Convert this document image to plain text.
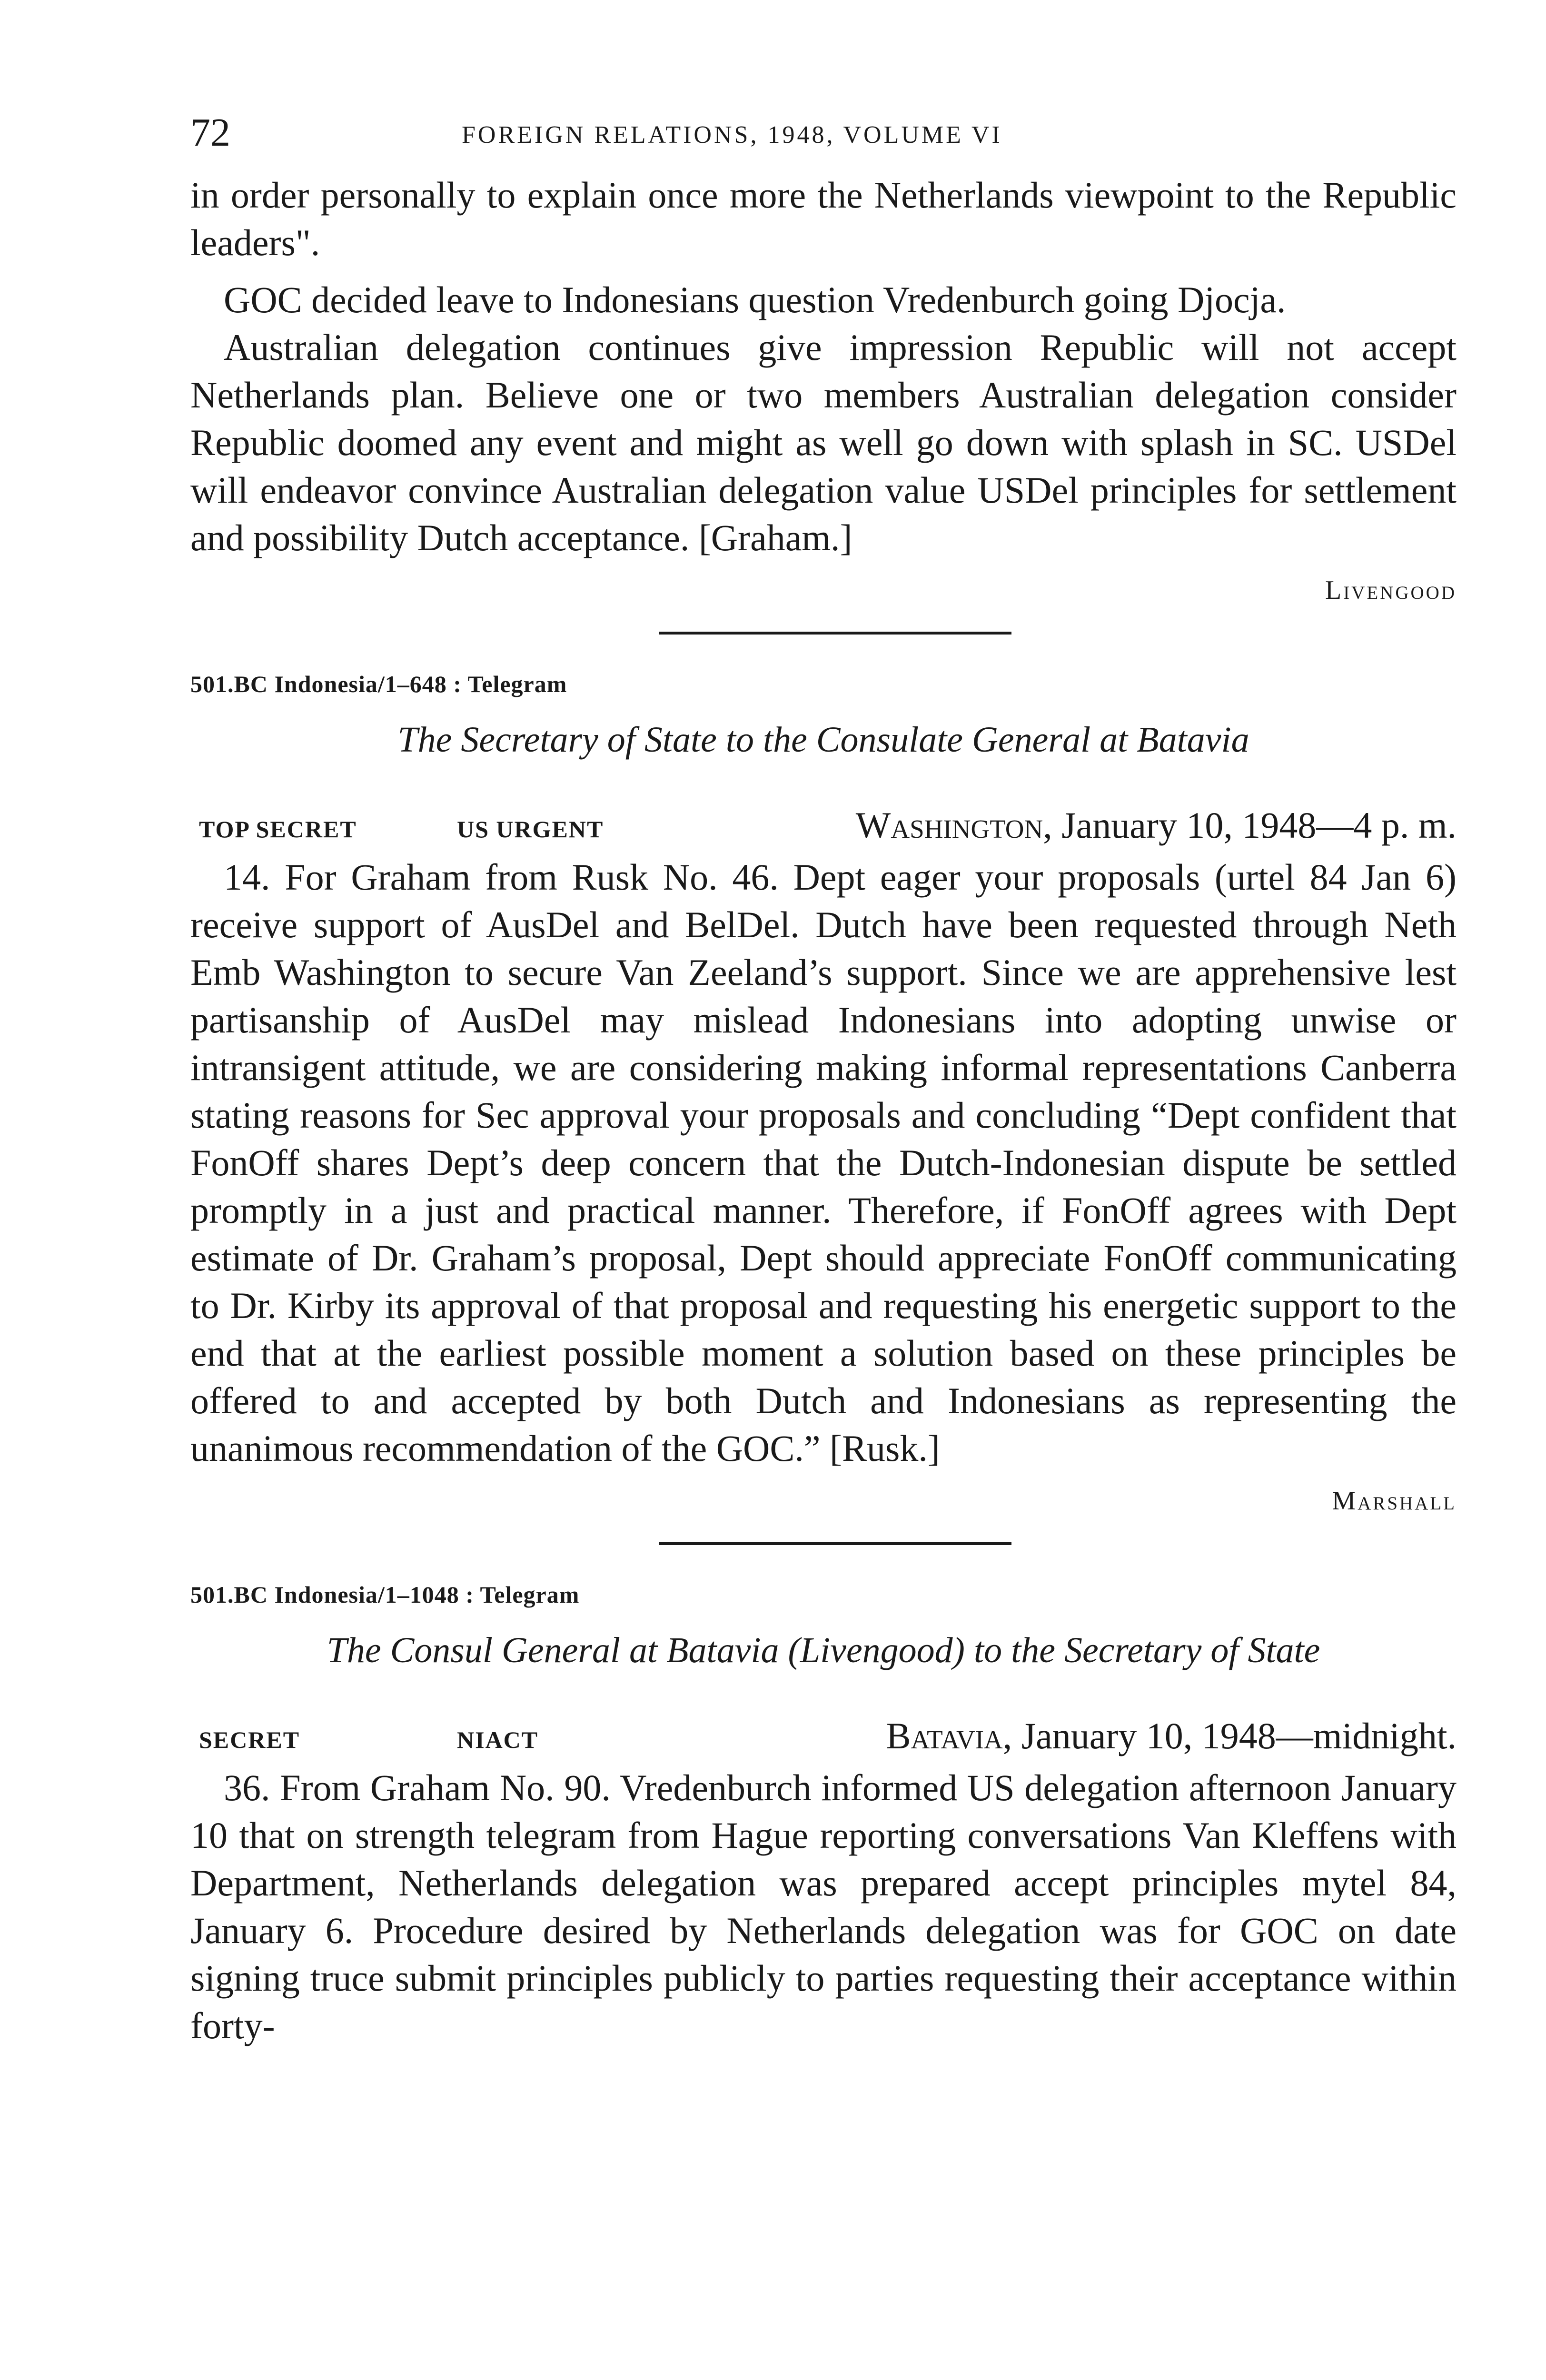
72	FOREIGN RELATIONS, 1948, VOLUME VI

in order personally to explain once more the Netherlands viewpoint to the Republic leaders".

GOC decided leave to Indonesians question Vredenburch going Djocja.

Australian delegation continues give impression Republic will not accept Netherlands plan. Believe one or two members Australian delegation consider Republic doomed any event and might as well go down with splash in SC. USDel will endeavor convince Australian delegation value USDel principles for settlement and possibility Dutch acceptance. [Graham.]

Livengood

501.BC Indonesia/1–648 : Telegram

The Secretary of State to the Consulate General at Batavia

TOP SECRET	US URGENT	Washington, January 10, 1948—4 p. m.

14. For Graham from Rusk No. 46. Dept eager your proposals (urtel 84 Jan 6) receive support of AusDel and BelDel. Dutch have been requested through Neth Emb Washington to secure Van Zeeland’s support. Since we are apprehensive lest partisanship of AusDel may mislead Indonesians into adopting unwise or intransigent attitude, we are considering making informal representations Canberra stating reasons for Sec approval your proposals and concluding “Dept confident that FonOff shares Dept’s deep concern that the Dutch-Indonesian dispute be settled promptly in a just and practical manner. Therefore, if FonOff agrees with Dept estimate of Dr. Graham’s proposal, Dept should appreciate FonOff communicating to Dr. Kirby its approval of that proposal and requesting his energetic support to the end that at the earliest possible moment a solution based on these principles be offered to and accepted by both Dutch and Indonesians as representing the unanimous recommendation of the GOC.” [Rusk.]

Marshall

501.BC Indonesia/1–1048 : Telegram

The Consul General at Batavia (Livengood) to the Secretary of State

SECRET	NIACT	Batavia, January 10, 1948—midnight.

36. From Graham No. 90. Vredenburch informed US delegation afternoon January 10 that on strength telegram from Hague reporting conversations Van Kleffens with Department, Netherlands delegation was prepared accept principles mytel 84, January 6. Procedure desired by Netherlands delegation was for GOC on date signing truce submit principles publicly to parties requesting their acceptance within forty-
